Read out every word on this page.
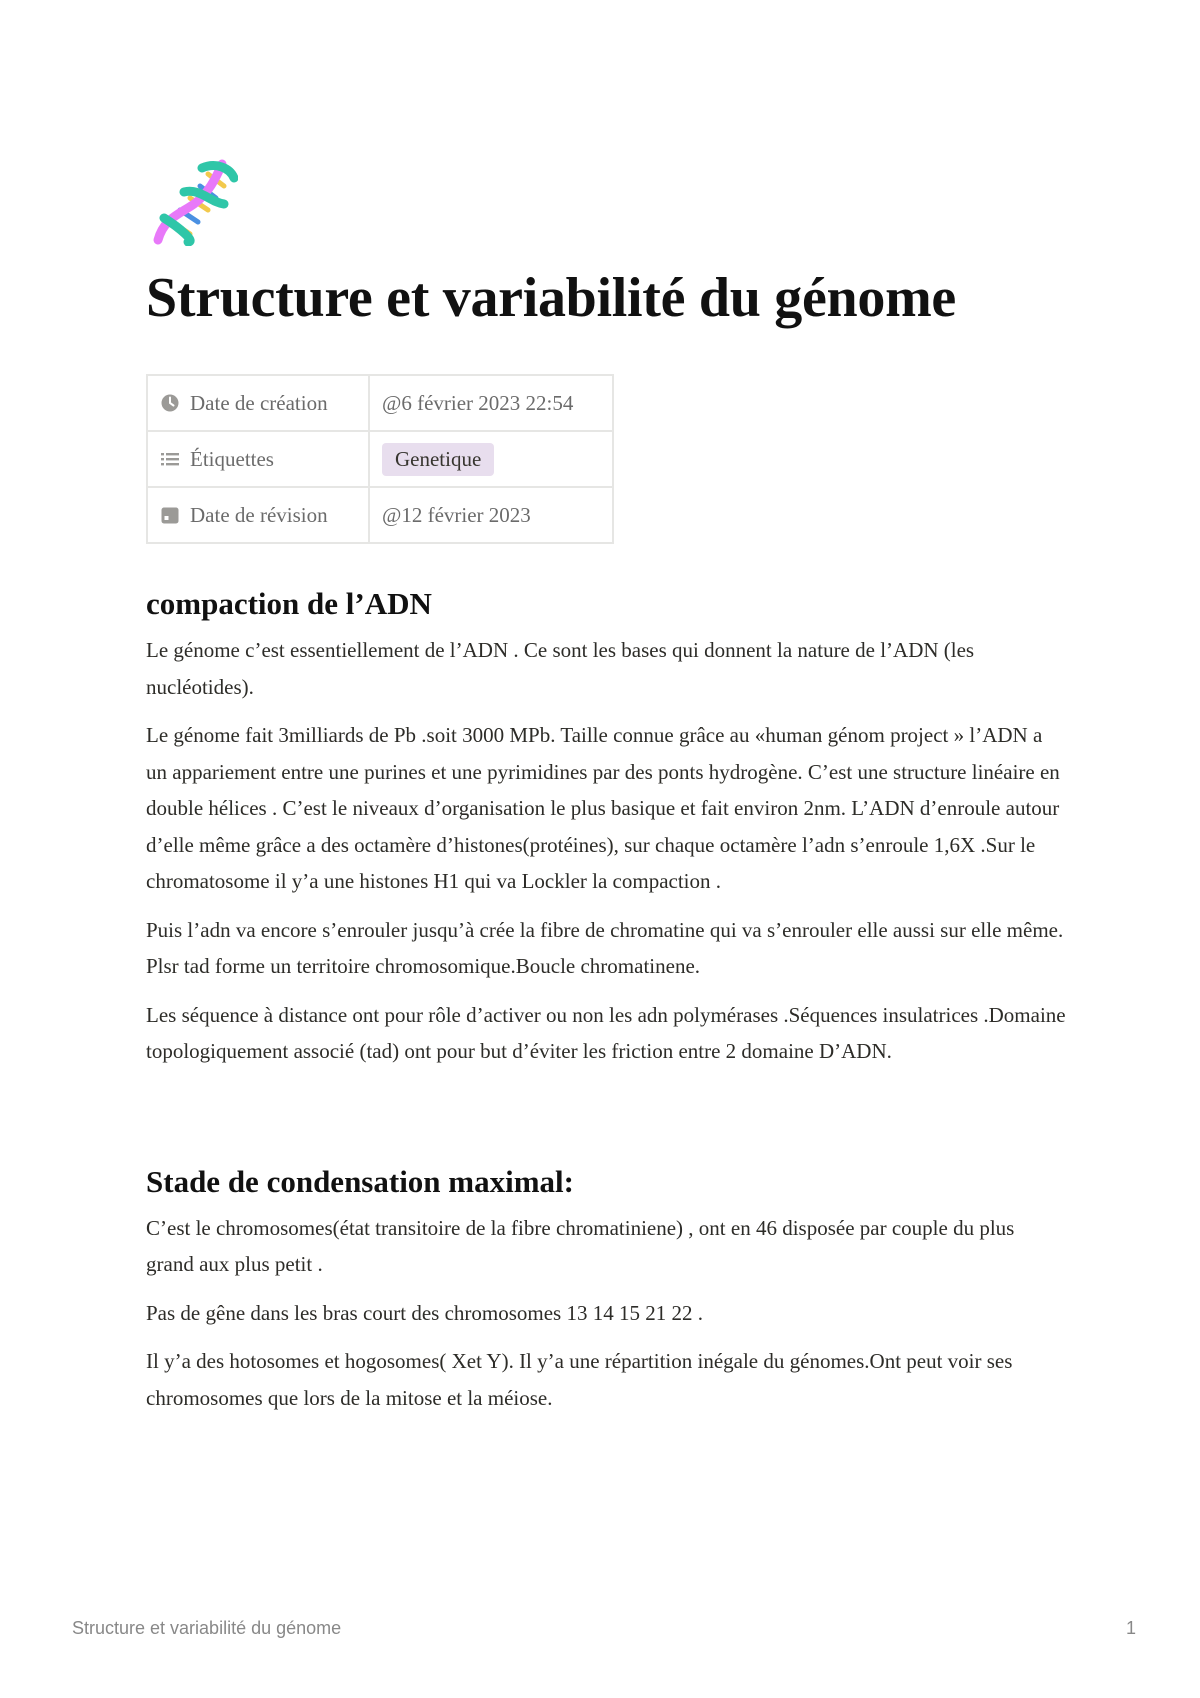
Structure et variabilité du génome
Date de création	@6 février 2023 22:54
Étiquettes	Genetique
Date de révision	@12 février 2023
compaction de l’ADN

Le génome c’est essentiellement de l’ADN . Ce sont les bases qui donnent la nature de l’ADN (les nucléotides).

Le génome fait 3milliards de Pb .soit 3000 MPb. Taille connue grâce au «human génom project » l’ADN a un appariement entre une purines et une pyrimidines par des ponts hydrogène. C’est une structure linéaire en double hélices . C’est le niveaux d’organisation le plus basique et fait environ 2nm. L’ADN d’enroule autour d’elle même grâce a des octamère d’histones(protéines), sur chaque octamère l’adn s’enroule 1,6X .Sur le chromatosome il y’a une histones H1 qui va Lockler la compaction .

Puis l’adn va encore s’enrouler jusqu’à crée la fibre de chromatine qui va s’enrouler elle aussi sur elle même. Plsr tad forme un territoire chromosomique.Boucle chromatinene.

Les séquence à distance ont pour rôle d’activer ou non les adn polymérases .Séquences insulatrices .Domaine topologiquement associé (tad) ont pour but d’éviter les friction entre 2 domaine D’ADN.

Stade de condensation maximal:

C’est le chromosomes(état transitoire de la fibre chromatiniene) , ont en 46 disposée par couple du plus grand aux plus petit .

Pas de gêne dans les bras court des chromosomes 13 14 15 21 22 .

Il y’a des hotosomes et hogosomes( Xet Y). Il y’a une répartition inégale du génomes.Ont peut voir ses chromosomes que lors de la mitose et la méiose.

Structure et variabilité du génome	1
